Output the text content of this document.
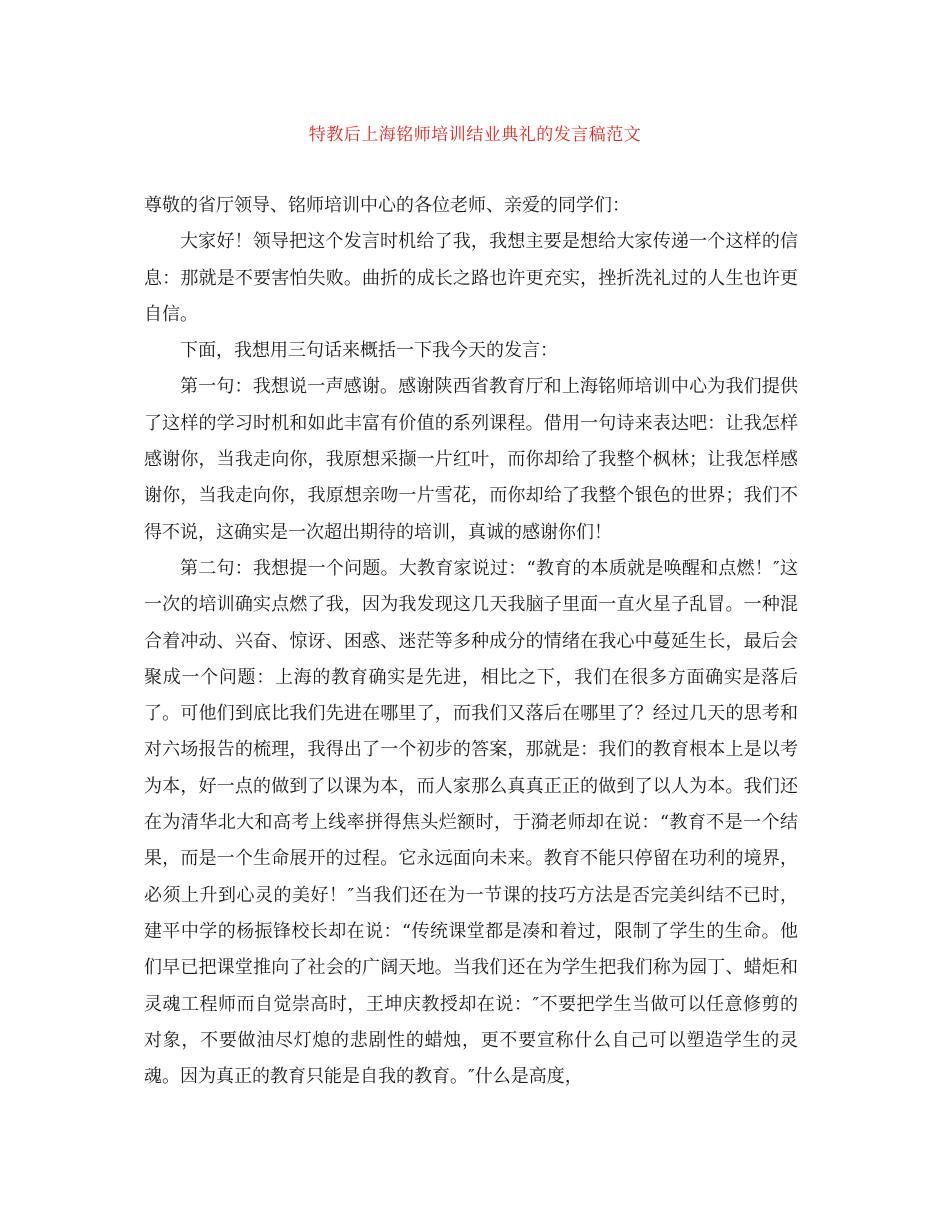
特教后上海铭师培训结业典礼的发言稿范文

尊敬的省厅领导、铭师培训中心的各位老师、亲爱的同学们：

大家好！领导把这个发言时机给了我，我想主要是想给大家传递一个这样的信息：那就是不要害怕失败。曲折的成长之路也许更充实，挫折洗礼过的人生也许更自信。

下面，我想用三句话来概括一下我今天的发言：

第一句：我想说一声感谢。感谢陕西省教育厅和上海铭师培训中心为我们提供了这样的学习时机和如此丰富有价值的系列课程。借用一句诗来表达吧：让我怎样感谢你，当我走向你，我原想采撷一片红叶，而你却给了我整个枫林；让我怎样感谢你，当我走向你，我原想亲吻一片雪花，而你却给了我整个银色的世界；我们不得不说，这确实是一次超出期待的培训，真诚的感谢你们！

第二句：我想提一个问题。大教育家说过：“教育的本质就是唤醒和点燃！″这一次的培训确实点燃了我，因为我发现这几天我脑子里面一直火星子乱冒。一种混合着冲动、兴奋、惊讶、困惑、迷茫等多种成分的情绪在我心中蔓延生长，最后会聚成一个问题：上海的教育确实是先进，相比之下，我们在很多方面确实是落后了。可他们到底比我们先进在哪里了，而我们又落后在哪里了？经过几天的思考和对六场报告的梳理，我得出了一个初步的答案，那就是：我们的教育根本上是以考为本，好一点的做到了以课为本，而人家那么真真正正的做到了以人为本。我们还在为清华北大和高考上线率拼得焦头烂额时，于漪老师却在说：“教育不是一个结果，而是一个生命展开的过程。它永远面向未来。教育不能只停留在功利的境界，必须上升到心灵的美好！″当我们还在为一节课的技巧方法是否完美纠结不已时，建平中学的杨振锋校长却在说：“传统课堂都是凑和着过，限制了学生的生命。他们早已把课堂推向了社会的广阔天地。当我们还在为学生把我们称为园丁、蜡炬和灵魂工程师而自觉崇高时，王坤庆教授却在说：″不要把学生当做可以任意修剪的对象，不要做油尽灯熄的悲剧性的蜡烛，更不要宣称什么自己可以塑造学生的灵魂。因为真正的教育只能是自我的教育。″什么是高度，
